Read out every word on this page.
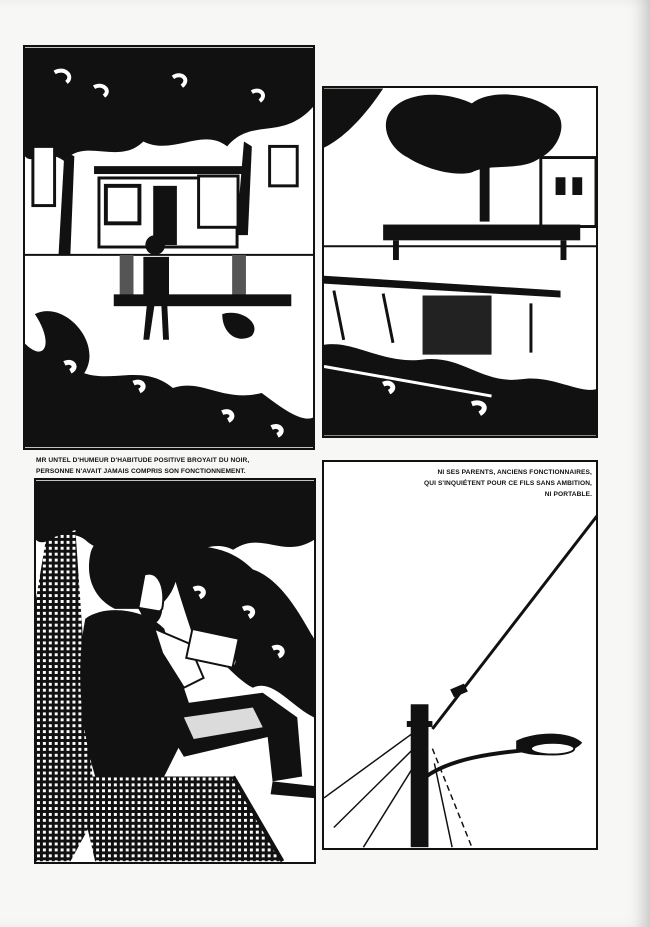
MR UNTEL D'HUMEUR D'HABITUDE POSITIVE BROYAIT DU NOIR,
PERSONNE N'AVAIT JAMAIS COMPRIS SON FONCTIONNEMENT.	NI SES PARENTS, ANCIENS FONCTIONNAIRES,
QUI S'INQUIÉTENT POUR CE FILS SANS AMBITION,
NI PORTABLE.
